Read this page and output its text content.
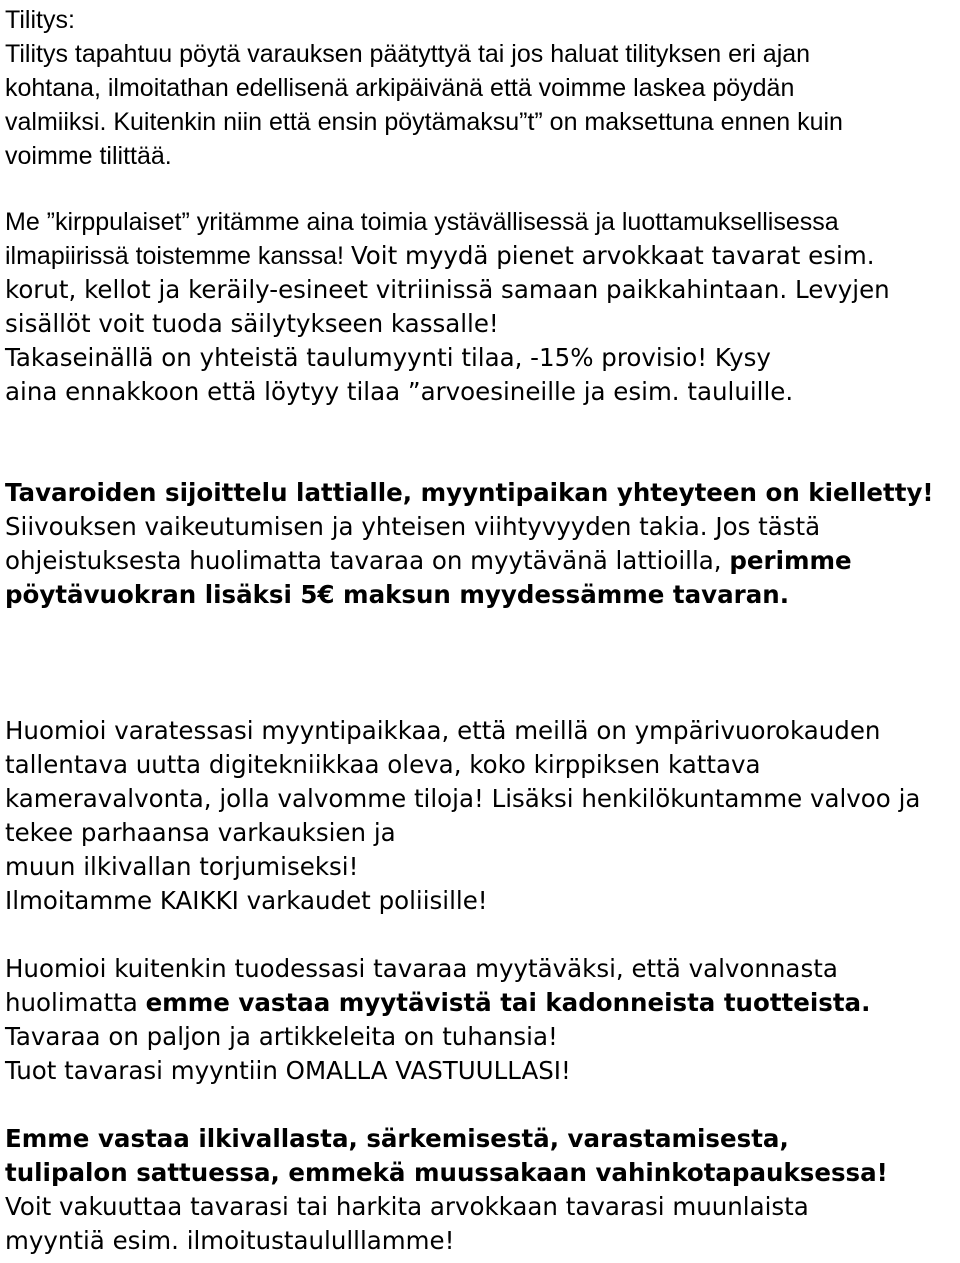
Tilitys:
Tilitys tapahtuu pöytä varauksen päätyttyä tai jos haluat tilityksen eri ajan
kohtana, ilmoitathan edellisenä arkipäivänä että voimme laskea pöydän
valmiiksi. Kuitenkin niin että ensin pöytämaksu”t” on maksettuna ennen kuin
voimme tilittää.
Me ”kirppulaiset” yritämme aina toimia ystävällisessä ja luottamuksellisessa
ilmapiirissä toistemme kanssa! Voit myydä pienet arvokkaat tavarat esim.
korut, kellot ja keräily-esineet vitriinissä samaan paikkahintaan. Levyjen
sisällöt voit tuoda säilytykseen kassalle!
Takaseinällä on yhteistä taulumyynti tilaa, -15% provisio! Kysy
aina ennakkoon että löytyy tilaa ”arvoesineille ja esim. tauluille.
Tavaroiden sijoittelu lattialle, myyntipaikan yhteyteen on kielletty!
Siivouksen vaikeutumisen ja yhteisen viihtyvyyden takia. Jos tästä
ohjeistuksesta huolimatta tavaraa on myytävänä lattioilla, perimme
pöytävuokran lisäksi 5€ maksun myydessämme tavaran.
Huomioi varatessasi myyntipaikkaa, että meillä on ympärivuorokauden
tallentava uutta digitekniikkaa oleva, koko kirppiksen kattava
kameravalvonta, jolla valvomme tiloja! Lisäksi henkilökuntamme valvoo ja
tekee parhaansa varkauksien ja
muun ilkivallan torjumiseksi!
Ilmoitamme KAIKKI varkaudet poliisille!
Huomioi kuitenkin tuodessasi tavaraa myytäväksi, että valvonnasta
huolimatta emme vastaa myytävistä tai kadonneista tuotteista.
Tavaraa on paljon ja artikkeleita on tuhansia!
Tuot tavarasi myyntiin OMALLA VASTUULLASI!
Emme vastaa ilkivallasta, särkemisestä, varastamisesta,
tulipalon sattuessa, emmekä muussakaan vahinkotapauksessa!
Voit vakuuttaa tavarasi tai harkita arvokkaan tavarasi muunlaista
myyntiä esim. ilmoitustaululllamme!
